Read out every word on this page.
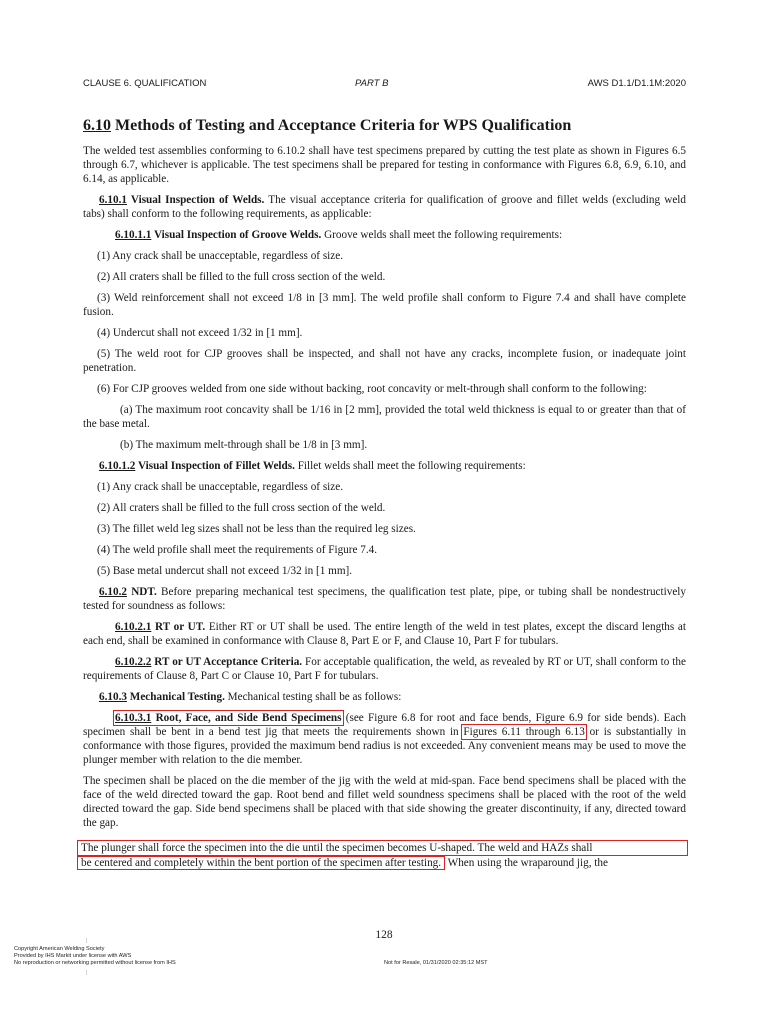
CLAUSE 6. QUALIFICATION	PART B	AWS D1.1/D1.1M:2020
6.10 Methods of Testing and Acceptance Criteria for WPS Qualification

The welded test assemblies conforming to 6.10.2 shall have test specimens prepared by cutting the test plate as shown in Figures 6.5 through 6.7, whichever is applicable. The test specimens shall be prepared for testing in conformance with Figures 6.8, 6.9, 6.10, and 6.14, as applicable.

6.10.1 Visual Inspection of Welds. The visual acceptance criteria for qualification of groove and fillet welds (excluding weld tabs) shall conform to the following requirements, as applicable:

6.10.1.1 Visual Inspection of Groove Welds. Groove welds shall meet the following requirements:

(1) Any crack shall be unacceptable, regardless of size.

(2) All craters shall be filled to the full cross section of the weld.

(3) Weld reinforcement shall not exceed 1/8 in [3 mm]. The weld profile shall conform to Figure 7.4 and shall have complete fusion.

(4) Undercut shall not exceed 1/32 in [1 mm].

(5) The weld root for CJP grooves shall be inspected, and shall not have any cracks, incomplete fusion, or inadequate joint penetration.

(6) For CJP grooves welded from one side without backing, root concavity or melt-through shall conform to the following:

(a) The maximum root concavity shall be 1/16 in [2 mm], provided the total weld thickness is equal to or greater than that of the base metal.

(b) The maximum melt-through shall be 1/8 in [3 mm].

6.10.1.2 Visual Inspection of Fillet Welds. Fillet welds shall meet the following requirements:

(1) Any crack shall be unacceptable, regardless of size.

(2) All craters shall be filled to the full cross section of the weld.

(3) The fillet weld leg sizes shall not be less than the required leg sizes.

(4) The weld profile shall meet the requirements of Figure 7.4.

(5) Base metal undercut shall not exceed 1/32 in [1 mm].

6.10.2 NDT. Before preparing mechanical test specimens, the qualification test plate, pipe, or tubing shall be nondestructively tested for soundness as follows:

6.10.2.1 RT or UT. Either RT or UT shall be used. The entire length of the weld in test plates, except the discard lengths at each end, shall be examined in conformance with Clause 8, Part E or F, and Clause 10, Part F for tubulars.

6.10.2.2 RT or UT Acceptance Criteria. For acceptable qualification, the weld, as revealed by RT or UT, shall conform to the requirements of Clause 8, Part C or Clause 10, Part F for tubulars.

6.10.3 Mechanical Testing. Mechanical testing shall be as follows:

6.10.3.1 Root, Face, and Side Bend Specimens (see Figure 6.8 for root and face bends, Figure 6.9 for side bends). Each specimen shall be bent in a bend test jig that meets the requirements shown in Figures 6.11 through 6.13 or is substantially in conformance with those figures, provided the maximum bend radius is not exceeded. Any convenient means may be used to move the plunger member with relation to the die member.

The specimen shall be placed on the die member of the jig with the weld at mid-span. Face bend specimens shall be placed with the face of the weld directed toward the gap. Root bend and fillet weld soundness specimens shall be placed with the root of the weld directed toward the gap. Side bend specimens shall be placed with that side showing the greater discontinuity, if any, directed toward the gap.

The plunger shall force the specimen into the die until the specimen becomes U-shaped. The weld and HAZs shall
be centered and completely within the bent portion of the specimen after testing. When using the wraparound jig, the
128
¦
Copyright American Welding Society
Provided by IHS Markit under license with AWS
No reproduction or networking permitted without license from IHS	Not for Resale, 01/31/2020 02:35:12 MST
¦
